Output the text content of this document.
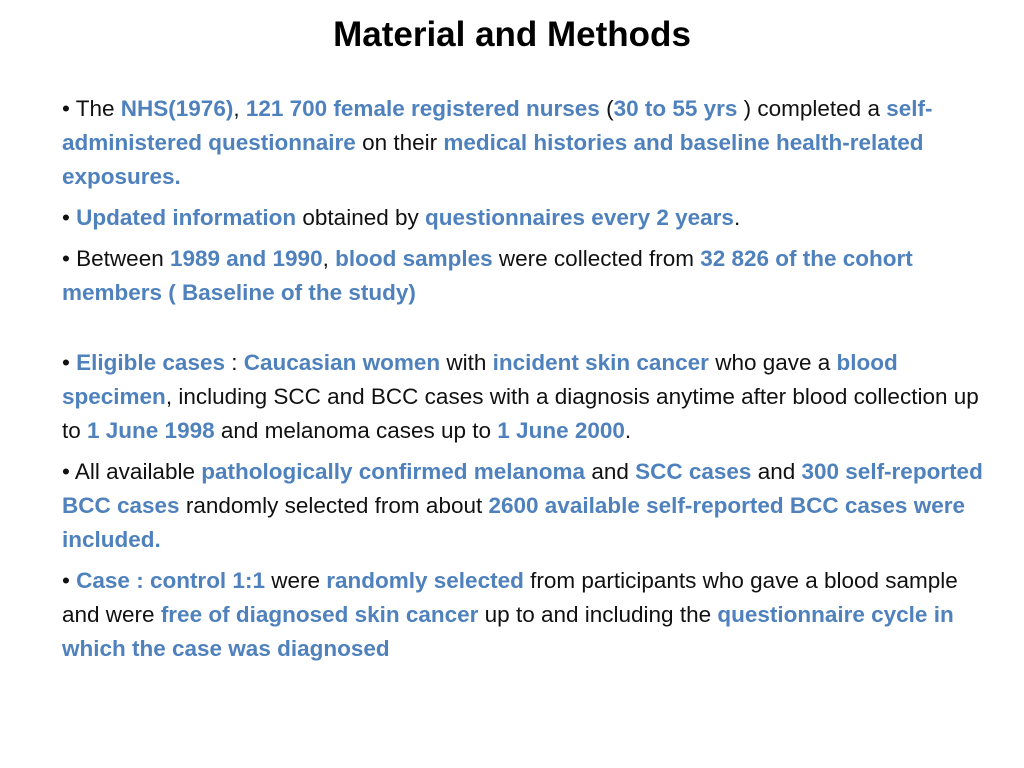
Material and Methods
• The NHS(1976), 121 700 female registered nurses (30 to 55 yrs ) completed a self-administered questionnaire on their medical histories and baseline health-related exposures.
• Updated information obtained by questionnaires every 2 years.
• Between 1989 and 1990, blood samples were collected from 32 826 of the cohort members ( Baseline of the study)
• Eligible cases : Caucasian women with incident skin cancer who gave a blood specimen, including SCC and BCC cases with a diagnosis anytime after blood collection up to 1 June 1998 and melanoma cases up to 1 June 2000.
• All available pathologically confirmed melanoma and SCC cases and 300 self-reported BCC cases randomly selected from about 2600 available self-reported BCC cases were included.
• Case : control 1:1 were randomly selected from participants who gave a blood sample and were free of diagnosed skin cancer up to and including the questionnaire cycle in which the case was diagnosed
